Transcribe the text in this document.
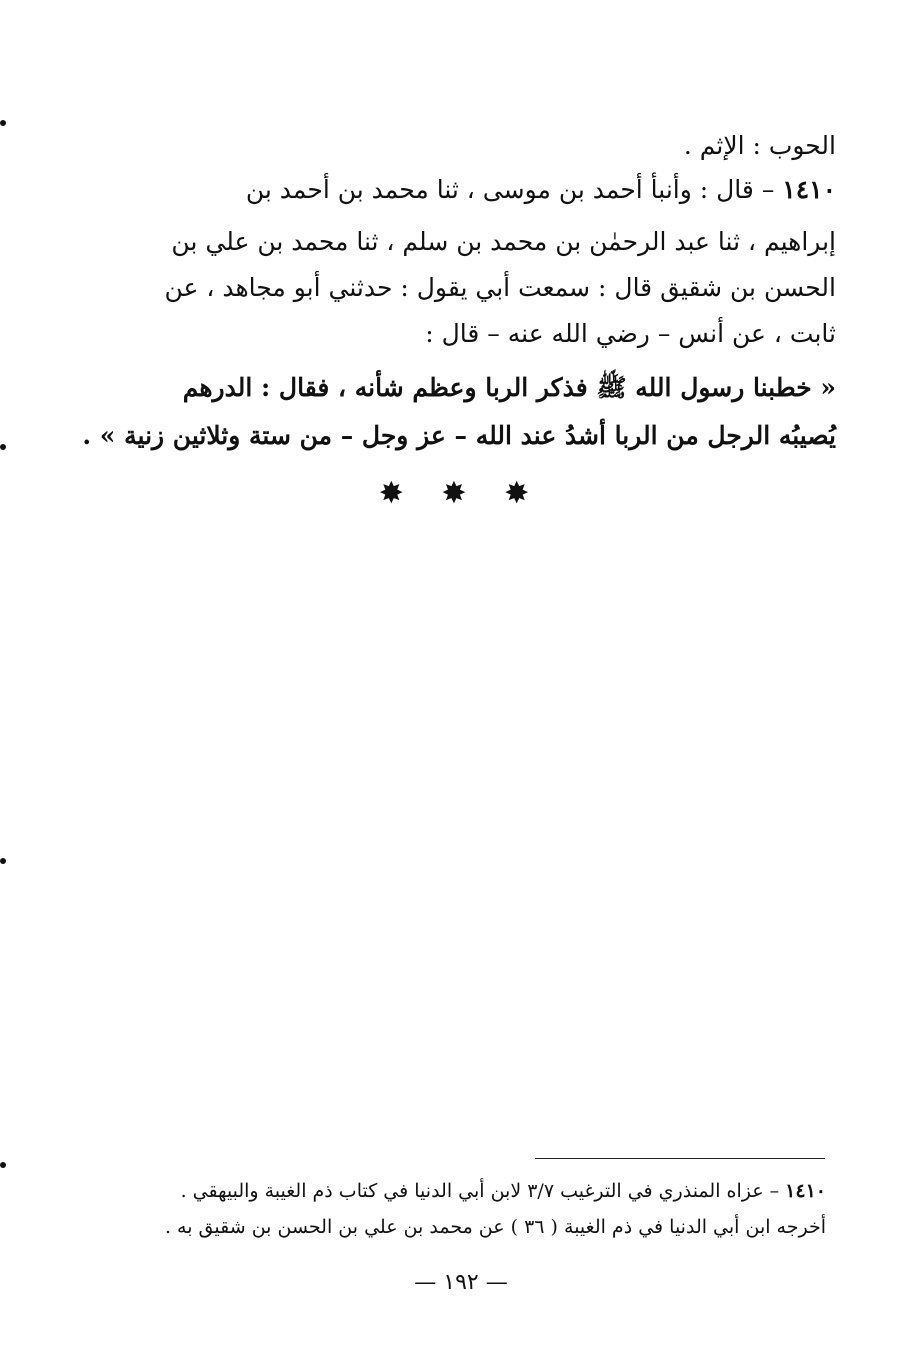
الحوب : الإثم .
١٤١٠ – قال : وأنبأ أحمد بن موسى ، ثنا محمد بن أحمد بن
إبراهيم ، ثنا عبد الرحمٰن بن محمد بن سلم ، ثنا محمد بن علي بن
الحسن بن شقيق قال : سمعت أبي يقول : حدثني أبو مجاهد ، عن
ثابت ، عن أنس – رضي الله عنه – قال :
« خطبنا رسول الله ﷺ فذكر الربا وعظم شأنه ، فقال : الدرهم
يُصيبُه الرجل من الربا أشدُ عند الله – عز وجل – من ستة وثلاثين زنية » .
✸ ✸ ✸
١٤١٠ – عزاه المنذري في الترغيب ٣/٧ لابن أبي الدنيا في كتاب ذم الغيبة والبيهقي .
أخرجه ابن أبي الدنيا في ذم الغيبة ( ٣٦ ) عن محمد بن علي بن الحسن بن شقيق به .
— ١٩٢ —
